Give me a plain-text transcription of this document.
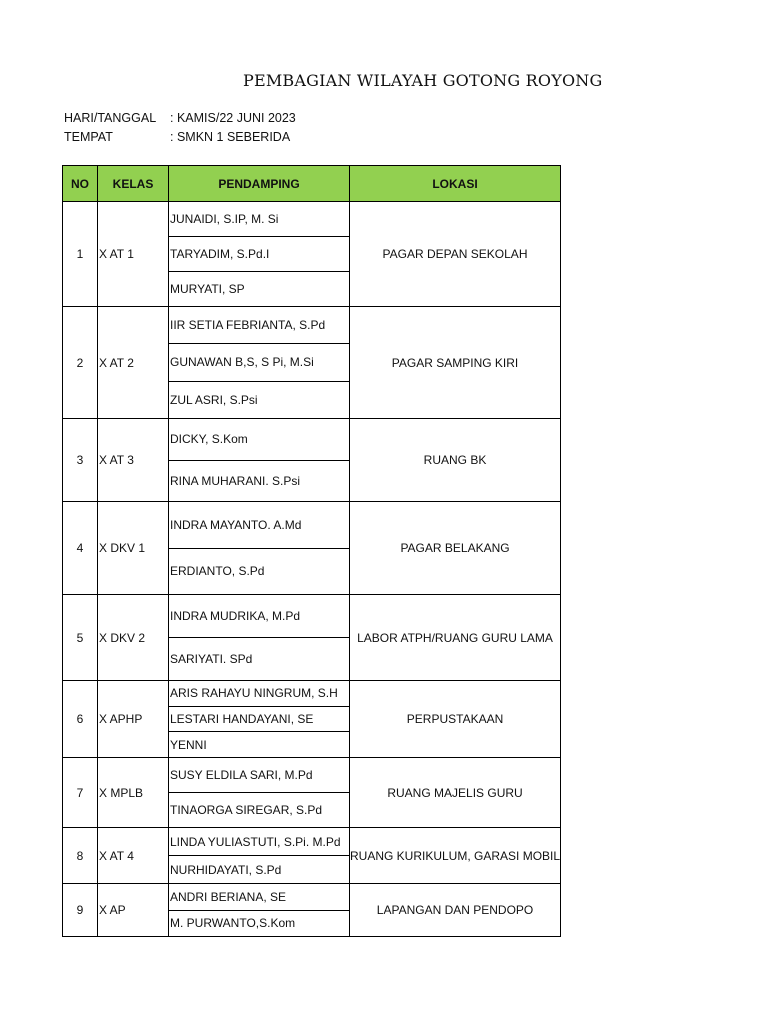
PEMBAGIAN WILAYAH GOTONG ROYONG
HARI/TANGGAL : KAMIS/22 JUNI 2023
TEMPAT	: SMKN 1 SEBERIDA
NO	KELAS	PENDAMPING	LOKASI
1	X AT 1	JUNAIDI, S.IP, M. Si
TARYADIM, S.Pd.I
MURYATI, SP	PAGAR DEPAN SEKOLAH
2	X AT 2	IIR SETIA FEBRIANTA, S.Pd
GUNAWAN B,S, S Pi, M.Si
ZUL ASRI, S.Psi	PAGAR SAMPING KIRI
3	X AT 3	DICKY, S.Kom
RINA MUHARANI. S.Psi	RUANG BK
4	X DKV 1	INDRA MAYANTO. A.Md
ERDIANTO, S.Pd	PAGAR BELAKANG
5	X DKV 2	INDRA MUDRIKA, M.Pd
SARIYATI. SPd	LABOR ATPH/RUANG GURU LAMA
6	X APHP	ARIS RAHAYU NINGRUM, S.H
LESTARI HANDAYANI, SE
YENNI	PERPUSTAKAAN
7	X MPLB	SUSY ELDILA SARI, M.Pd
TINAORGA SIREGAR, S.Pd	RUANG MAJELIS GURU
8	X AT 4	LINDA YULIASTUTI, S.Pi. M.Pd
NURHIDAYATI, S.Pd	RUANG KURIKULUM, GARASI MOBIL
9	X AP	ANDRI BERIANA, SE
M. PURWANTO,S.Kom	LAPANGAN DAN PENDOPO
